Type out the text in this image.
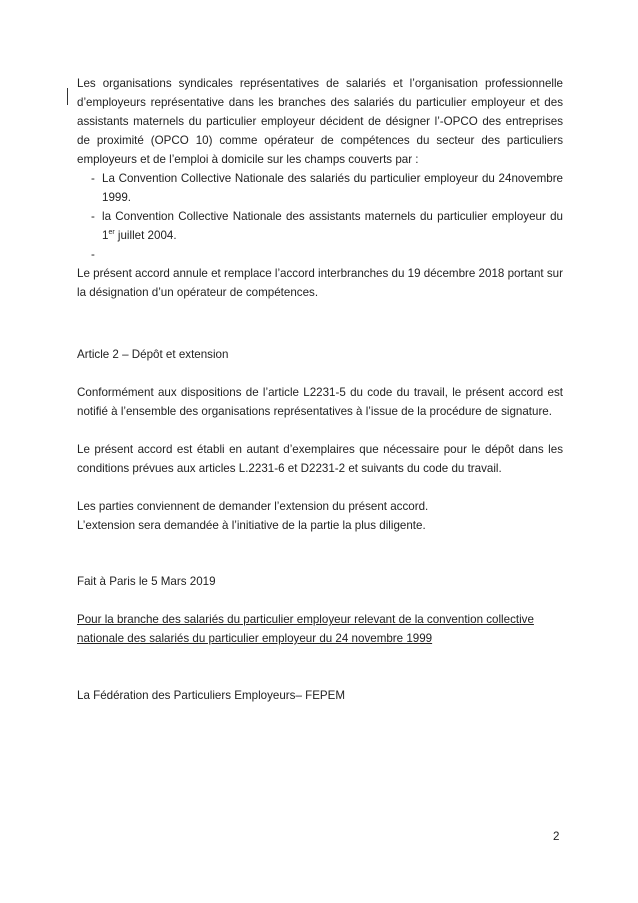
Les organisations syndicales représentatives de salariés et l’organisation professionnelle d’employeurs représentative dans les branches des salariés du particulier employeur et des assistants maternels du particulier employeur décident de désigner l’-OPCO des entreprises de proximité (OPCO 10) comme opérateur de compétences du secteur des particuliers employeurs et de l’emploi à domicile sur les champs couverts par :
- La Convention Collective Nationale des salariés du particulier employeur du 24novembre 1999.
- la Convention Collective Nationale des assistants maternels du particulier employeur du 1er juillet 2004.
-
Le présent accord annule et remplace l’accord interbranches du 19 décembre 2018 portant sur la désignation d’un opérateur de compétences.
Article 2 – Dépôt et extension
Conformément aux dispositions de l’article L2231-5 du code du travail, le présent accord est notifié à l’ensemble des organisations représentatives à l’issue de la procédure de signature.
Le présent accord est établi en autant d’exemplaires que nécessaire pour le dépôt dans les conditions prévues aux articles L.2231-6 et D2231-2 et suivants du code du travail.
Les parties conviennent de demander l’extension du présent accord.
L’extension sera demandée à l’initiative de la partie la plus diligente.
Fait à Paris le 5 Mars 2019
Pour la branche des salariés du particulier employeur relevant de la convention collective
nationale des salariés du particulier employeur du 24 novembre 1999
La Fédération des Particuliers Employeurs– FEPEM
2
